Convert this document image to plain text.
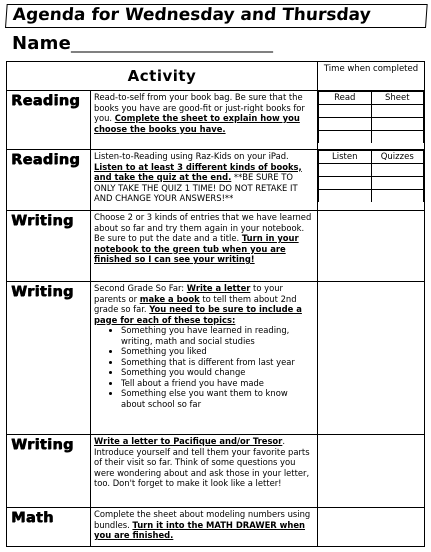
Agenda for Wednesday and Thursday
Name_______________________________
Activity	Time when completed
Reading	Read-to-self from your book bag. Be sure that the books you have are good-fit or just-right books for you. Complete the sheet to explain how you choose the books you have.	
Read	Sheet

Reading	Listen-to-Reading using Raz-Kids on your iPad. Listen to at least 3 different kinds of books, and take the quiz at the end. **BE SURE TO ONLY TAKE THE QUIZ 1 TIME! DO NOT RETAKE IT AND CHANGE YOUR ANSWERS!**	
Listen	Quizzes

Writing	Choose 2 or 3 kinds of entries that we have learned about so far and try them again in your notebook. Be sure to put the date and a title. Turn in your notebook to the green tub when you are finished so I can see your writing!	
Writing	Second Grade So Far: Write a letter to your parents or make a book to tell them about 2nd grade so far. You need to be sure to include a page for each of these topics:
• Something you have learned in reading, writing, math and social studies
• Something you liked
• Something that is different from last year
• Something you would change
• Tell about a friend you have made
• Something else you want them to know about school so far

Writing	Write a letter to Pacifique and/or Tresor. Introduce yourself and tell them your favorite parts of their visit so far. Think of some questions you were wondering about and ask those in your letter, too. Don't forget to make it look like a letter!	
Math	Complete the sheet about modeling numbers using bundles. Turn it into the MATH DRAWER when you are finished.	
